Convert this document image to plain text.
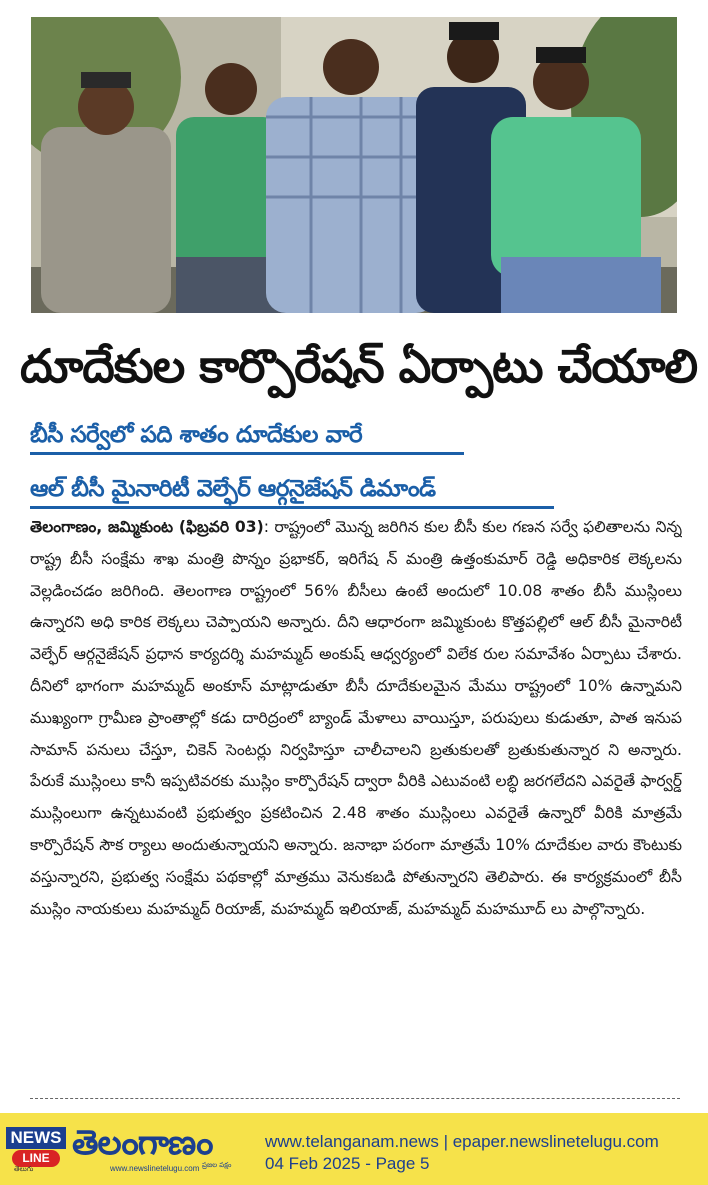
దూదేకుల కార్పొరేషన్ ఏర్పాటు చేయాలి
బీసీ సర్వేలో పది శాతం దూదేకుల వారే
ఆల్ బీసీ మైనారిటీ వెల్ఫేర్ ఆర్గనైజేషన్ డిమాండ్
తెలంగాణం, జమ్మికుంట (ఫిబ్రవరి 03): రాష్ట్రంలో మొన్న జరిగిన కుల బీసీ కుల గణన సర్వే ఫలితాలను నిన్న రాష్ట్ర బీసీ సంక్షేమ శాఖ మంత్రి పొన్నం ప్రభాకర్, ఇరిగేష న్ మంత్రి ఉత్తంకుమార్ రెడ్డి అధికారిక లెక్కలను వెల్లడించడం జరిగింది. తెలంగాణ రాష్ట్రంలో 56% బీసీలు ఉంటే అందులో 10.08 శాతం బీసీ ముస్లింలు ఉన్నారని అధి కారిక లెక్కలు చెప్పాయని అన్నారు. దీని ఆధారంగా జమ్మికుంట కొత్తపల్లిలో ఆల్ బీసీ మైనారిటీ వెల్ఫేర్ ఆర్గనైజేషన్ ప్రధాన కార్యదర్శి మహమ్మద్ అంకుష్ ఆధ్వర్యంలో విలేక రుల సమావేశం ఏర్పాటు చేశారు. దీనిలో భాగంగా మహమ్మద్ అంకూస్ మాట్లాడుతూ బీసీ దూదేకులమైన మేము రాష్ట్రంలో 10% ఉన్నామని ముఖ్యంగా గ్రామీణ ప్రాంతాల్లో కడు దారిద్రంలో బ్యాండ్ మేళాలు వాయిస్తూ, పరుపులు కుడుతూ, పాత ఇనుప సామాన్ పనులు చేస్తూ, చికెన్ సెంటర్లు నిర్వహిస్తూ చాలీచాలని బ్రతుకులతో బ్రతుకుతున్నార ని అన్నారు. పేరుకే ముస్లింలు కానీ ఇప్పటివరకు ముస్లిం కార్పొరేషన్ ద్వారా వీరికి ఎటువంటి లబ్ధి జరగలేదని ఎవరైతే ఫార్వర్డ్ ముస్లింలుగా ఉన్నటువంటి ప్రభుత్వం ప్రకటించిన 2.48 శాతం ముస్లింలు ఎవరైతే ఉన్నారో వీరికి మాత్రమే కార్పొరేషన్ సౌక ర్యాలు అందుతున్నాయని అన్నారు. జనాభా పరంగా మాత్రమే 10% దూదేకుల వారు కౌంటుకు వస్తున్నారని, ప్రభుత్వ సంక్షేమ పథకాల్లో మాత్రము వెనుకబడి పోతున్నారని తెలిపారు. ఈ కార్యక్రమంలో బీసీ ముస్లిం నాయకులు మహమ్మద్ రియాజ్, మహమ్మద్ ఇలియాజ్, మహమ్మద్ మహమూద్ లు పాల్గొన్నారు.
NEWS
LINE
తెలుగు
తెలంగాణం
www.newslinetelugu.com ప్రజల పక్షం
www.telanganam.news | epaper.newslinetelugu.com
04 Feb 2025 - Page 5
